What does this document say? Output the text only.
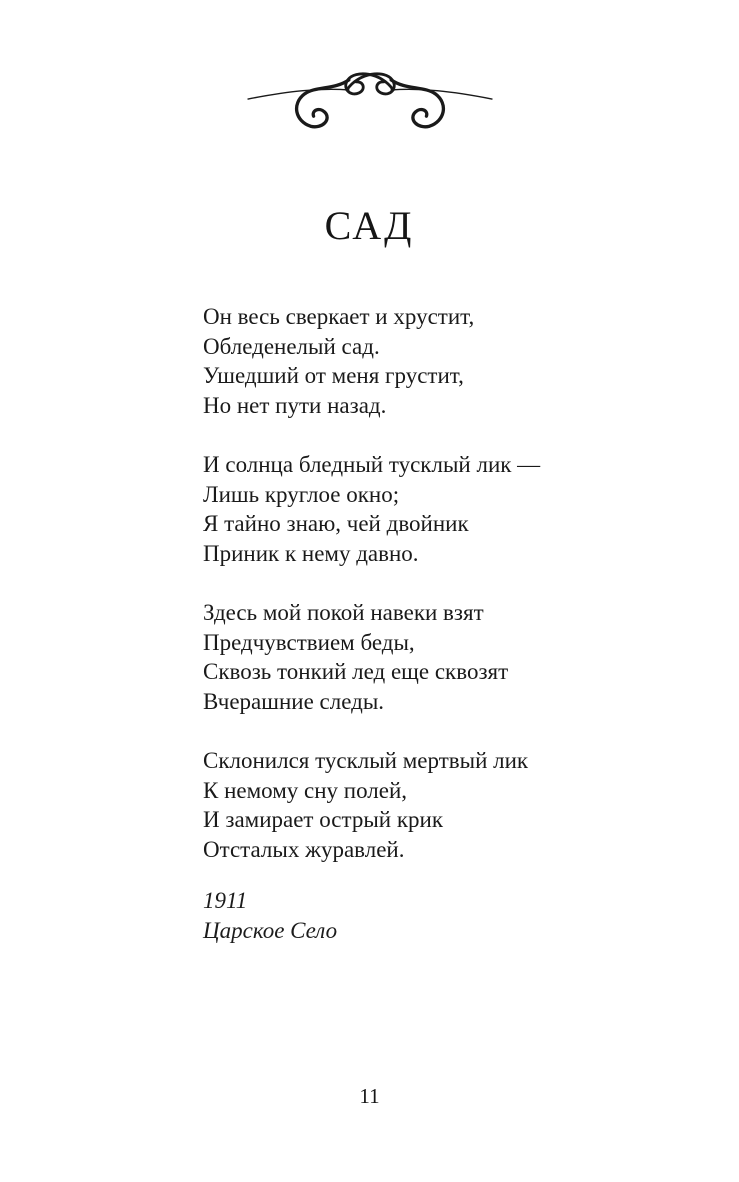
САД

Он весь сверкает и хрустит,
Обледенелый сад.
Ушедший от меня грустит,
Но нет пути назад.

И солнца бледный тусклый лик —
Лишь круглое окно;
Я тайно знаю, чей двойник
Приник к нему давно.

Здесь мой покой навеки взят
Предчувствием беды,
Сквозь тонкий лед еще сквозят
Вчерашние следы.

Склонился тусклый мертвый лик
К немому сну полей,
И замирает острый крик
Отсталых журавлей.

1911
Царское Село
11
